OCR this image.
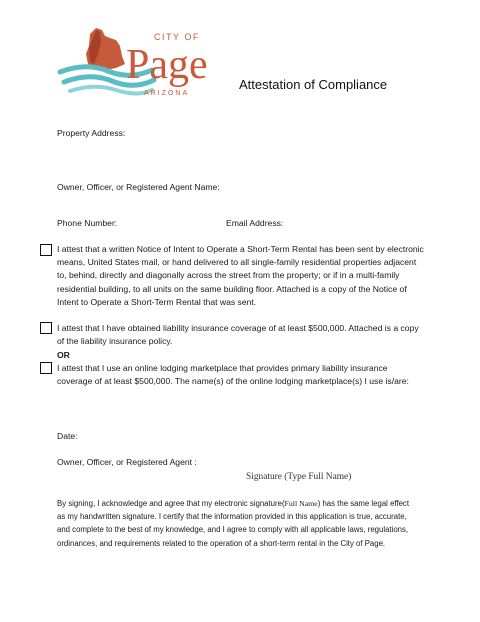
CITY OF
Page
ARIZONA
Attestation of Compliance
Property Address:
Owner, Officer, or Registered Agent Name:
Phone Number:	Email Address:
I attest that a written Notice of Intent to Operate a Short-Term Rental has been sent by electronic means, United States mail, or hand delivered to all single-family residential properties adjacent to, behind, directly and diagonally across the street from the property; or if in a multi-family residential building, to all units on the same building floor. Attached is a copy of the Notice of Intent to Operate a Short-Term Rental that was sent.
I attest that I have obtained liability insurance coverage of at least $500,000. Attached is a copy of the liability insurance policy.
OR
I attest that I use an online lodging marketplace that provides primary liability insurance coverage of at least $500,000. The name(s) of the online lodging marketplace(s) I use is/are:
Date:
Owner, Officer, or Registered Agent :
Signature (Type Full Name)
By signing, I acknowledge and agree that my electronic signature(Full Name) has the same legal effect as my handwritten signature. I certify that the information provided in this application is true, accurate, and complete to the best of my knowledge, and I agree to comply with all applicable laws, regulations, ordinances, and requirements related to the operation of a short-term rental in the City of Page.
